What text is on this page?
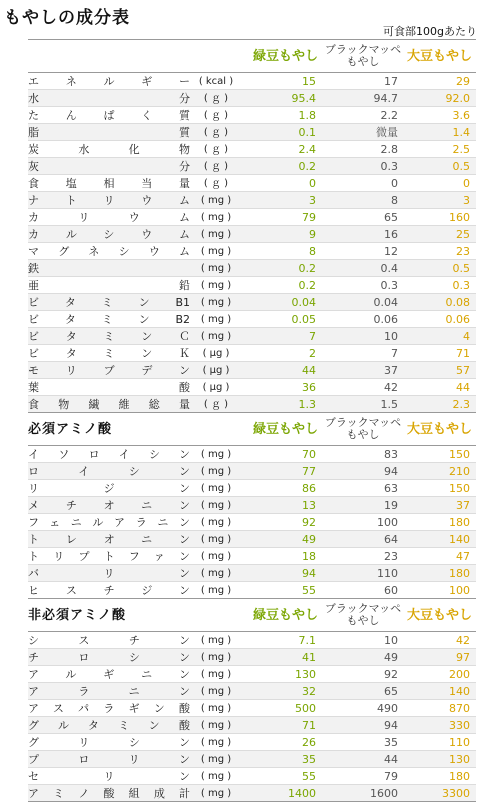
もやしの成分表
可食部100gあたり
		緑豆もやし	ブラックマッペ
もやし	大豆もやし
エネルギー	( kcal )	15	17	29
水分	( ｇ )	95.4	94.7	92.0
たんぱく質	( ｇ )	1.8	2.2	3.6
脂質	( ｇ )	0.1	微量	1.4
炭水化物	( ｇ )	2.4	2.8	2.5
灰分	( ｇ )	0.2	0.3	0.5
食塩相当量	( ｇ )	0	0	0
ナトリウム	( mg )	3	8	3
カリウム	( mg )	79	65	160
カルシウム	( mg )	9	16	25
マグネシウム	( mg )	8	12	23
鉄	( mg )	0.2	0.4	0.5
亜鉛	( mg )	0.2	0.3	0.3
ビタミンB1	( mg )	0.04	0.04	0.08
ビタミンB2	( mg )	0.05	0.06	0.06
ビタミンＣ	( mg )	7	10	4
ビタミンＫ	( μg )	2	7	71
モリブデン	( μg )	44	37	57
葉酸	( μg )	36	42	44
食物繊維総量	( ｇ )	1.3	1.5	2.3
必須アミノ酸		緑豆もやし	ブラックマッペ
もやし	大豆もやし
イソロイシン	( mg )	70	83	150
ロイシン	( mg )	77	94	210
リジン	( mg )	86	63	150
メチオニン	( mg )	13	19	37
フェニルアラニン	( mg )	92	100	180
トレオニン	( mg )	49	64	140
トリプトファン	( mg )	18	23	47
バリン	( mg )	94	110	180
ヒスチジン	( mg )	55	60	100
非必須アミノ酸		緑豆もやし	ブラックマッペ
もやし	大豆もやし
シスチン	( mg )	7.1	10	42
チロシン	( mg )	41	49	97
アルギニン	( mg )	130	92	200
アラニン	( mg )	32	65	140
アスパラギン酸	( mg )	500	490	870
グルタミン酸	( mg )	71	94	330
グリシン	( mg )	26	35	110
プロリン	( mg )	35	44	130
セリン	( mg )	55	79	180
アミノ酸組成計	( mg )	1400	1600	3300
